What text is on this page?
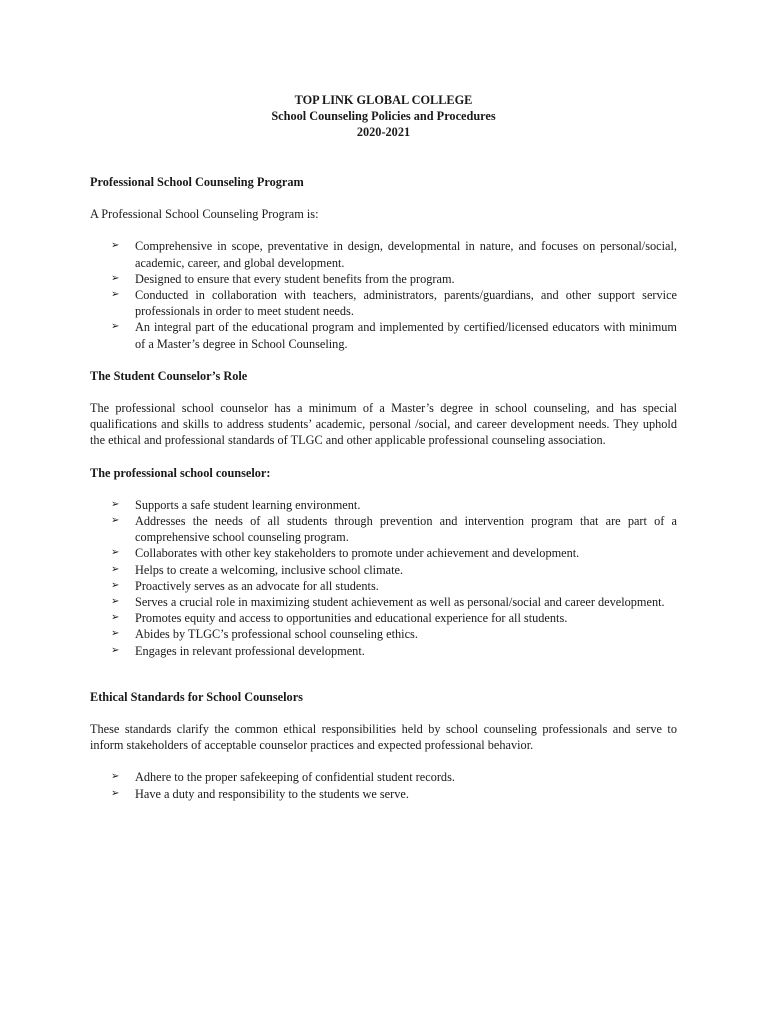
TOP LINK GLOBAL COLLEGE
School Counseling Policies and Procedures
2020-2021
Professional School Counseling Program

A Professional School Counseling Program is:

➢ Comprehensive in scope, preventative in design, developmental in nature, and focuses on personal/social, academic, career, and global development.
➢ Designed to ensure that every student benefits from the program.
➢ Conducted in collaboration with teachers, administrators, parents/guardians, and other support service professionals in order to meet student needs.
➢ An integral part of the educational program and implemented by certified/licensed educators with minimum of a Master’s degree in School Counseling.
The Student Counselor’s Role

The professional school counselor has a minimum of a Master’s degree in school counseling, and has special qualifications and skills to address students’ academic, personal /social, and career development needs. They uphold the ethical and professional standards of TLGC and other applicable professional counseling association.

The professional school counselor:
➢ Supports a safe student learning environment.
➢ Addresses the needs of all students through prevention and intervention program that are part of a comprehensive school counseling program.
➢ Collaborates with other key stakeholders to promote under achievement and development.
➢ Helps to create a welcoming, inclusive school climate.
➢ Proactively serves as an advocate for all students.
➢ Serves a crucial role in maximizing student achievement as well as personal/social and career development.
➢ Promotes equity and access to opportunities and educational experience for all students.
➢ Abides by TLGC’s professional school counseling ethics.
➢ Engages in relevant professional development.
Ethical Standards for School Counselors

These standards clarify the common ethical responsibilities held by school counseling professionals and serve to inform stakeholders of acceptable counselor practices and expected professional behavior.

➢ Adhere to the proper safekeeping of confidential student records.
➢ Have a duty and responsibility to the students we serve.
